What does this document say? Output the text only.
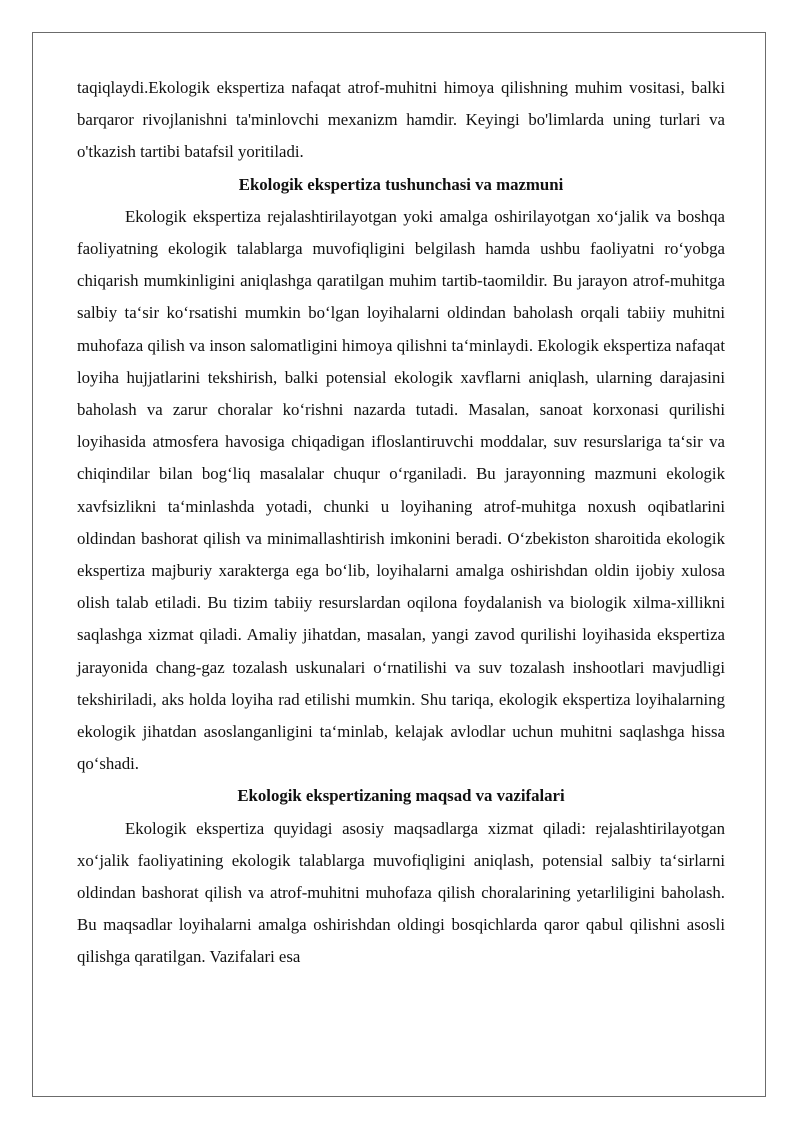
taqiqlaydi.Ekologik ekspertiza nafaqat atrof-muhitni himoya qilishning muhim vositasi, balki barqaror rivojlanishni ta'minlovchi mexanizm hamdir. Keyingi bo'limlarda uning turlari va o'tkazish tartibi batafsil yoritiladi.

Ekologik ekspertiza tushunchasi va mazmuni

Ekologik ekspertiza rejalashtirilayotgan yoki amalga oshirilayotgan xo‘jalik va boshqa faoliyatning ekologik talablarga muvofiqligini belgilash hamda ushbu faoliyatni ro‘yobga chiqarish mumkinligini aniqlashga qaratilgan muhim tartib-taomildir. Bu jarayon atrof-muhitga salbiy ta‘sir ko‘rsatishi mumkin bo‘lgan loyihalarni oldindan baholash orqali tabiiy muhitni muhofaza qilish va inson salomatligini himoya qilishni ta‘minlaydi. Ekologik ekspertiza nafaqat loyiha hujjatlarini tekshirish, balki potensial ekologik xavflarni aniqlash, ularning darajasini baholash va zarur choralar ko‘rishni nazarda tutadi. Masalan, sanoat korxonasi qurilishi loyihasida atmosfera havosiga chiqadigan ifloslantiruvchi moddalar, suv resurslariga ta‘sir va chiqindilar bilan bog‘liq masalalar chuqur o‘rganiladi. Bu jarayonning mazmuni ekologik xavfsizlikni ta‘minlashda yotadi, chunki u loyihaning atrof-muhitga noxush oqibatlarini oldindan bashorat qilish va minimallashtirish imkonini beradi. O‘zbekiston sharoitida ekologik ekspertiza majburiy xarakterga ega bo‘lib, loyihalarni amalga oshirishdan oldin ijobiy xulosa olish talab etiladi. Bu tizim tabiiy resurslardan oqilona foydalanish va biologik xilma-xillikni saqlashga xizmat qiladi. Amaliy jihatdan, masalan, yangi zavod qurilishi loyihasida ekspertiza jarayonida chang-gaz tozalash uskunalari o‘rnatilishi va suv tozalash inshootlari mavjudligi tekshiriladi, aks holda loyiha rad etilishi mumkin. Shu tariqa, ekologik ekspertiza loyihalarning ekologik jihatdan asoslanganligini ta‘minlab, kelajak avlodlar uchun muhitni saqlashga hissa qo‘shadi.

Ekologik ekspertizaning maqsad va vazifalari

Ekologik ekspertiza quyidagi asosiy maqsadlarga xizmat qiladi: rejalashtirilayotgan xo‘jalik faoliyatining ekologik talablarga muvofiqligini aniqlash, potensial salbiy ta‘sirlarni oldindan bashorat qilish va atrof-muhitni muhofaza qilish choralarining yetarliligini baholash. Bu maqsadlar loyihalarni amalga oshirishdan oldingi bosqichlarda qaror qabul qilishni asosli qilishga qaratilgan. Vazifalari esa
